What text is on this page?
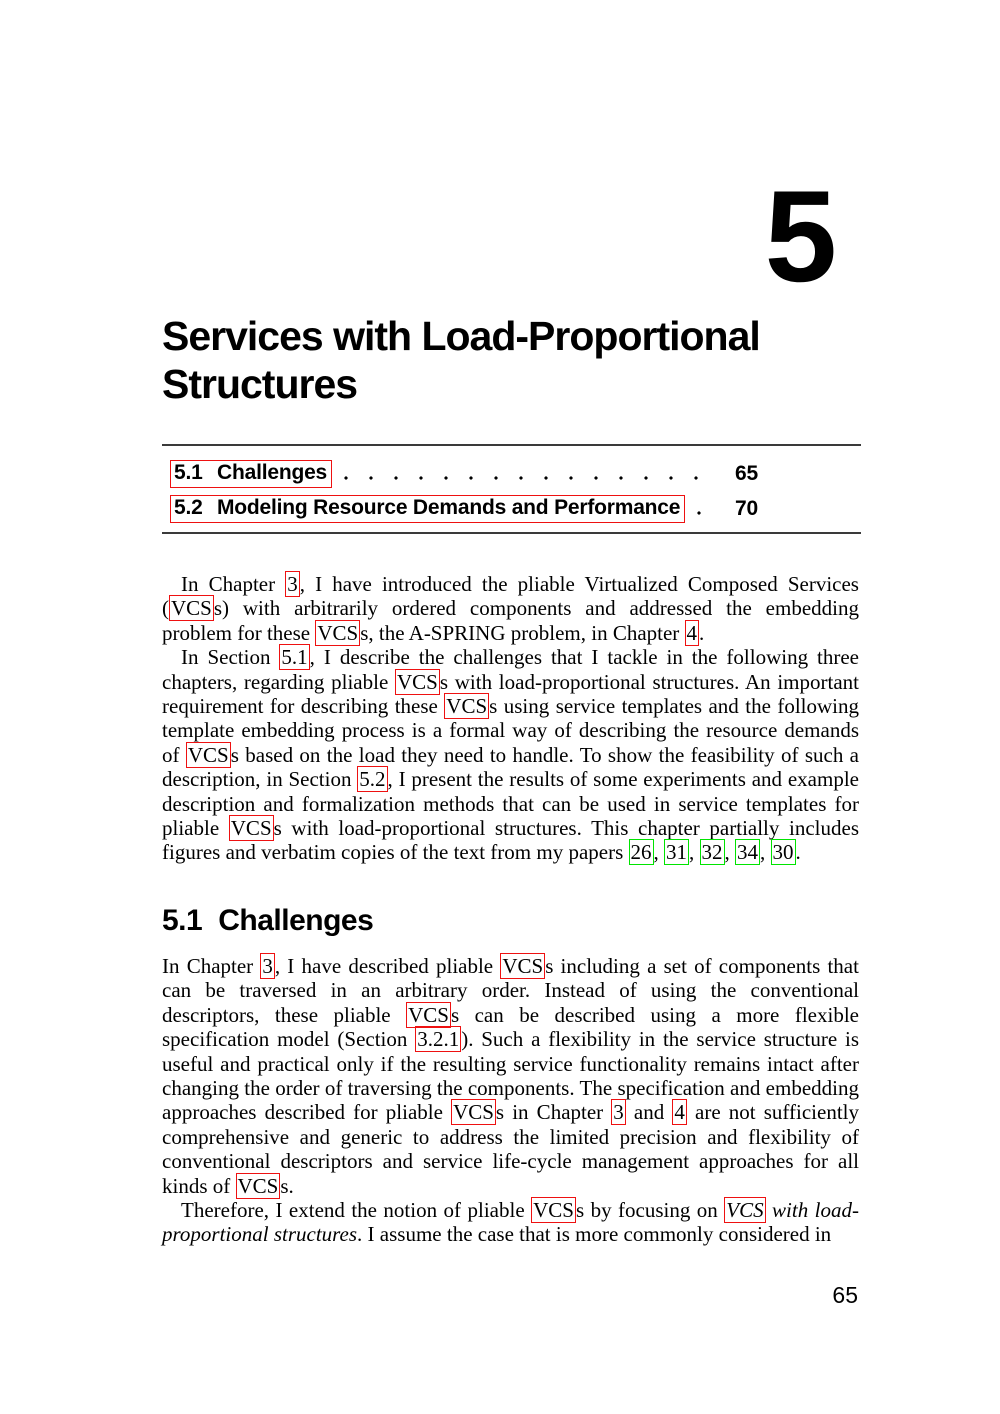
5
Services with Load-Proportional
Structures
5.1 Challenges	65
5.2 Modeling Resource Demands and Performance	70

In Chapter 3, I have introduced the pliable Virtualized Composed Services (VCSs) with arbitrarily ordered components and addressed the embedding problem for these VCSs, the A-SPRING problem, in Chapter 4.

In Section 5.1, I describe the challenges that I tackle in the following three chapters, regarding pliable VCSs with load-proportional structures. An important requirement for describing these VCSs using service templates and the following template embedding process is a formal way of describing the resource demands of VCSs based on the load they need to handle. To show the feasibility of such a description, in Section 5.2, I present the results of some experiments and example description and formalization methods that can be used in service templates for pliable VCSs with load-proportional structures. This chapter partially includes figures and verbatim copies of the text from my papers 26, 31, 32, 34, 30.

5.1 Challenges

In Chapter 3, I have described pliable VCSs including a set of components that can be traversed in an arbitrary order. Instead of using the conventional descriptors, these pliable VCSs can be described using a more flexible specification model (Section 3.2.1). Such a flexibility in the service structure is useful and practical only if the resulting service functionality remains intact after changing the order of traversing the components. The specification and embedding approaches described for pliable VCSs in Chapter 3 and 4 are not sufficiently comprehensive and generic to address the limited precision and flexibility of conventional descriptors and service life-cycle management approaches for all kinds of VCSs.

Therefore, I extend the notion of pliable VCSs by focusing on VCS with load-proportional structures. I assume the case that is more commonly considered in

65
